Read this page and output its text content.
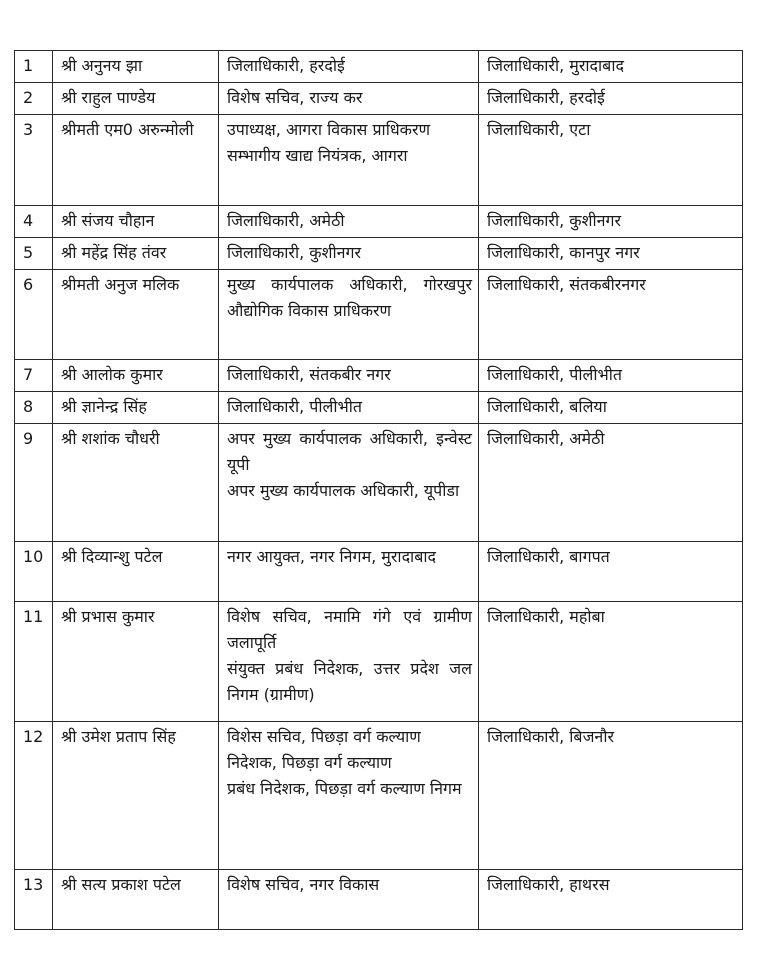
1	श्री अनुनय झा	जिलाधिकारी, हरदोई	जिलाधिकारी, मुरादाबाद
2	श्री राहुल पाण्डेय	विशेष सचिव, राज्य कर	जिलाधिकारी, हरदोई
3	श्रीमती एम0 अरुन्मोली	उपाध्यक्ष, आगरा विकास प्राधिकरण
सम्भागीय खाद्य नियंत्रक, आगरा	जिलाधिकारी, एटा
4	श्री संजय चौहान	जिलाधिकारी, अमेठी	जिलाधिकारी, कुशीनगर
5	श्री महेंद्र सिंह तंवर	जिलाधिकारी, कुशीनगर	जिलाधिकारी, कानपुर नगर
6	श्रीमती अनुज मलिक	मुख्य कार्यपालक अधिकारी, गोरखपुर औद्योगिक विकास प्राधिकरण	जिलाधिकारी, संतकबीरनगर
7	श्री आलोक कुमार	जिलाधिकारी, संतकबीर नगर	जिलाधिकारी, पीलीभीत
8	श्री ज्ञानेन्द्र सिंह	जिलाधिकारी, पीलीभीत	जिलाधिकारी, बलिया
9	श्री शशांक चौधरी	अपर मुख्य कार्यपालक अधिकारी, इन्वेस्ट यूपी
अपर मुख्य कार्यपालक अधिकारी, यूपीडा	जिलाधिकारी, अमेठी
10	श्री दिव्यान्शु पटेल	नगर आयुक्त, नगर निगम, मुरादाबाद	जिलाधिकारी, बागपत
11	श्री प्रभास कुमार	विशेष सचिव, नमामि गंगे एवं ग्रामीण जलापूर्ति
संयुक्त प्रबंध निदेशक, उत्तर प्रदेश जल निगम (ग्रामीण)	जिलाधिकारी, महोबा
12	श्री उमेश प्रताप सिंह	विशेस सचिव, पिछड़ा वर्ग कल्याण
निदेशक, पिछड़ा वर्ग कल्याण
प्रबंध निदेशक, पिछड़ा वर्ग कल्याण निगम	जिलाधिकारी, बिजनौर
13	श्री सत्य प्रकाश पटेल	विशेष सचिव, नगर विकास	जिलाधिकारी, हाथरस
